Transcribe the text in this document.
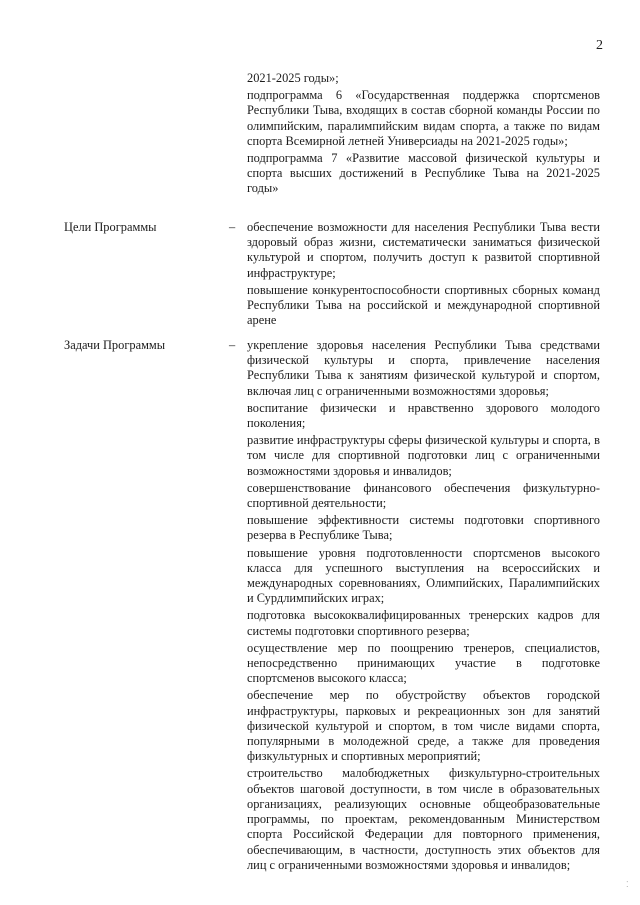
2

2021-2025 годы»;

подпрограмма 6 «Государственная поддержка спортсменов Республики Тыва, входящих в состав сборной команды России по олимпийским, паралимпийским видам спорта, а также по видам спорта Всемирной летней Универсиады на 2021-2025 годы»;

подпрограмма 7 «Развитие массовой физической культуры и спорта высших достижений в Республике Тыва на 2021-2025 годы»

Цели Программы	– обеспечение возможности для населения Республики Тыва вести здоровый образ жизни, систематически заниматься физической культурой и спортом, получить доступ к развитой спортивной инфраструктуре;

повышение конкурентоспособности спортивных сборных команд Республики Тыва на российской и международной спортивной арене

Задачи Программы	– укрепление здоровья населения Республики Тыва средствами физической культуры и спорта, привлечение населения Республики Тыва к занятиям физической культурой и спортом, включая лиц с ограниченными возможностями здоровья;

воспитание физически и нравственно здорового молодого поколения;

развитие инфраструктуры сферы физической культуры и спорта, в том числе для спортивной подготовки лиц с ограниченными возможностями здоровья и инвалидов;

совершенствование финансового обеспечения физкультурно-спортивной деятельности;

повышение эффективности системы подготовки спортивного резерва в Республике Тыва;

повышение уровня подготовленности спортсменов высокого класса для успешного выступления на всероссийских и международных соревнованиях, Олимпийских, Паралимпийских и Сурдлимпийских играх;

подготовка высококвалифицированных тренерских кадров для системы подготовки спортивного резерва;

осуществление мер по поощрению тренеров, специалистов, непосредственно принимающих участие в подготовке спортсменов высокого класса;

обеспечение мер по обустройству объектов городской инфраструктуры, парковых и рекреационных зон для занятий физической культурой и спортом, в том числе видами спорта, популярными в молодежной среде, а также для проведения физкультурных и спортивных мероприятий;

строительство малобюджетных физкультурно-строительных объектов шаговой доступности, в том числе в образовательных организациях, реализующих основные общеобразовательные программы, по проектам, рекомендованным Министерством спорта Российской Федерации для повторного применения, обеспечивающим, в частности, доступность этих объектов для лиц с ограниченными возможностями здоровья и инвалидов;

⁚
